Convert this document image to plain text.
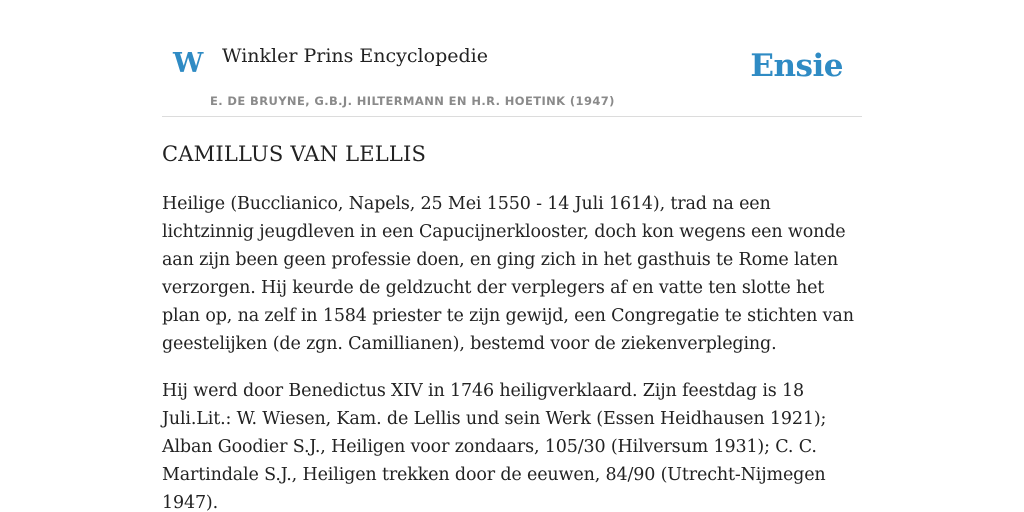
W Winkler Prins Encyclopedie
E. DE BRUYNE, G.B.J. HILTERMANN EN H.R. HOETINK (1947)
Ensie
CAMILLUS VAN LELLIS

Heilige (Bucclianico, Napels, 25 Mei 1550 - 14 Juli 1614), trad na een lichtzinnig jeugdleven in een Capucijnerklooster, doch kon wegens een wonde aan zijn been geen professie doen, en ging zich in het gasthuis te Rome laten verzorgen. Hij keurde de geldzucht der verplegers af en vatte ten slotte het plan op, na zelf in 1584 priester te zijn gewijd, een Congregatie te stichten van geestelijken (de zgn. Camillianen), bestemd voor de ziekenverpleging.

Hij werd door Benedictus XIV in 1746 heiligverklaard. Zijn feestdag is 18 Juli.Lit.: W. Wiesen, Kam. de Lellis und sein Werk (Essen Heidhausen 1921); Alban Goodier S.J., Heiligen voor zondaars, 105/30 (Hilversum 1931); C. C. Martindale S.J., Heiligen trekken door de eeuwen, 84/90 (Utrecht-Nijmegen 1947).
